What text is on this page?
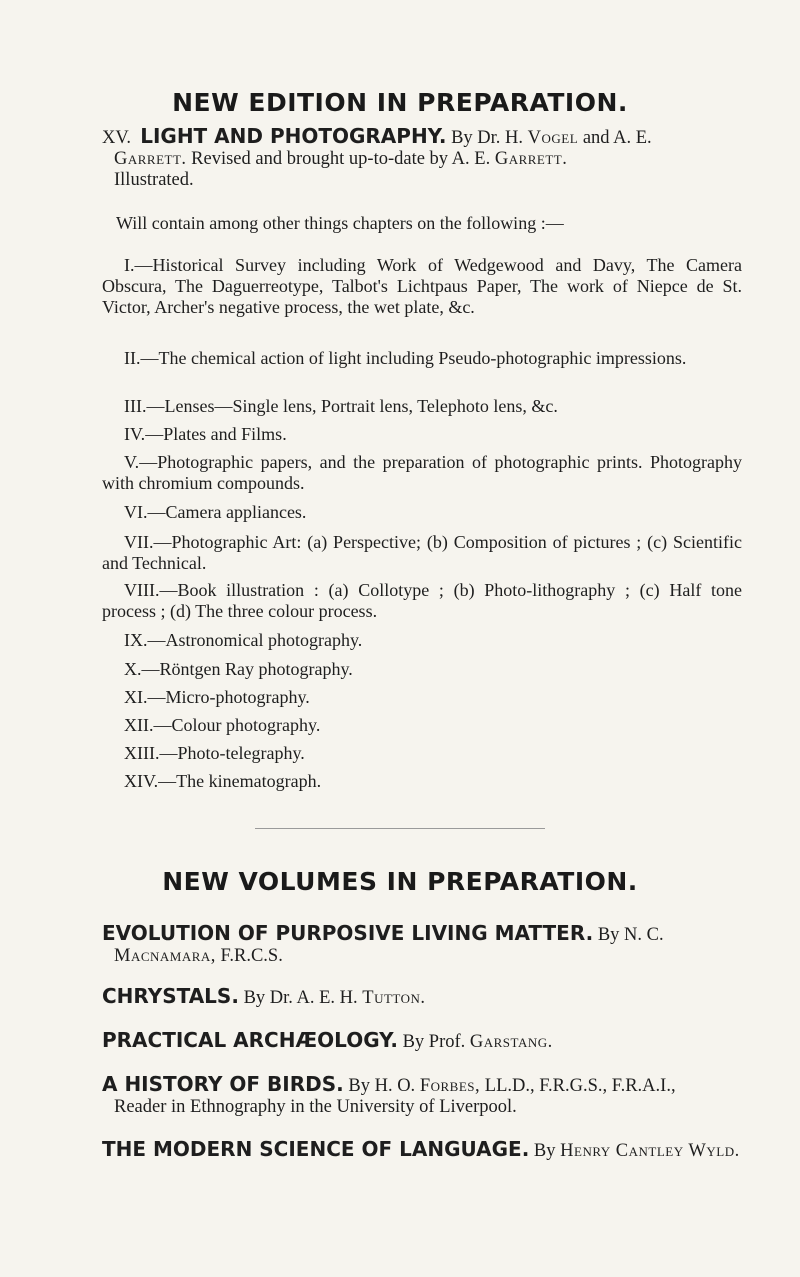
NEW EDITION IN PREPARATION.
XV. LIGHT AND PHOTOGRAPHY. By Dr. H. Vogel and A. E.
Garrett. Revised and brought up-to-date by A. E. Garrett.
Illustrated.
Will contain among other things chapters on the following :—
I.—Historical Survey including Work of Wedgewood and Davy, The Camera Obscura, The Daguerreotype, Talbot's Lichtpaus Paper, The work of Niepce de St. Victor, Archer's negative process, the wet plate, &c.
II.—The chemical action of light including Pseudo-photographic impressions.
III.—Lenses—Single lens, Portrait lens, Telephoto lens, &c.
IV.—Plates and Films.
V.—Photographic papers, and the preparation of photographic prints. Photography with chromium compounds.
VI.—Camera appliances.
VII.—Photographic Art: (a) Perspective; (b) Composition of pictures ; (c) Scientific and Technical.
VIII.—Book illustration : (a) Collotype ; (b) Photo-lithography ; (c) Half tone process ; (d) The three colour process.
IX.—Astronomical photography.
X.—Röntgen Ray photography.
XI.—Micro-photography.
XII.—Colour photography.
XIII.—Photo-telegraphy.
XIV.—The kinematograph.
NEW VOLUMES IN PREPARATION.
EVOLUTION OF PURPOSIVE LIVING MATTER. By N. C.
Macnamara, F.R.C.S.
CHRYSTALS. By Dr. A. E. H. Tutton.
PRACTICAL ARCHÆOLOGY. By Prof. Garstang.
A HISTORY OF BIRDS. By H. O. Forbes, LL.D., F.R.G.S., F.R.A.I.,
Reader in Ethnography in the University of Liverpool.
THE MODERN SCIENCE OF LANGUAGE. By Henry Cantley Wyld.
